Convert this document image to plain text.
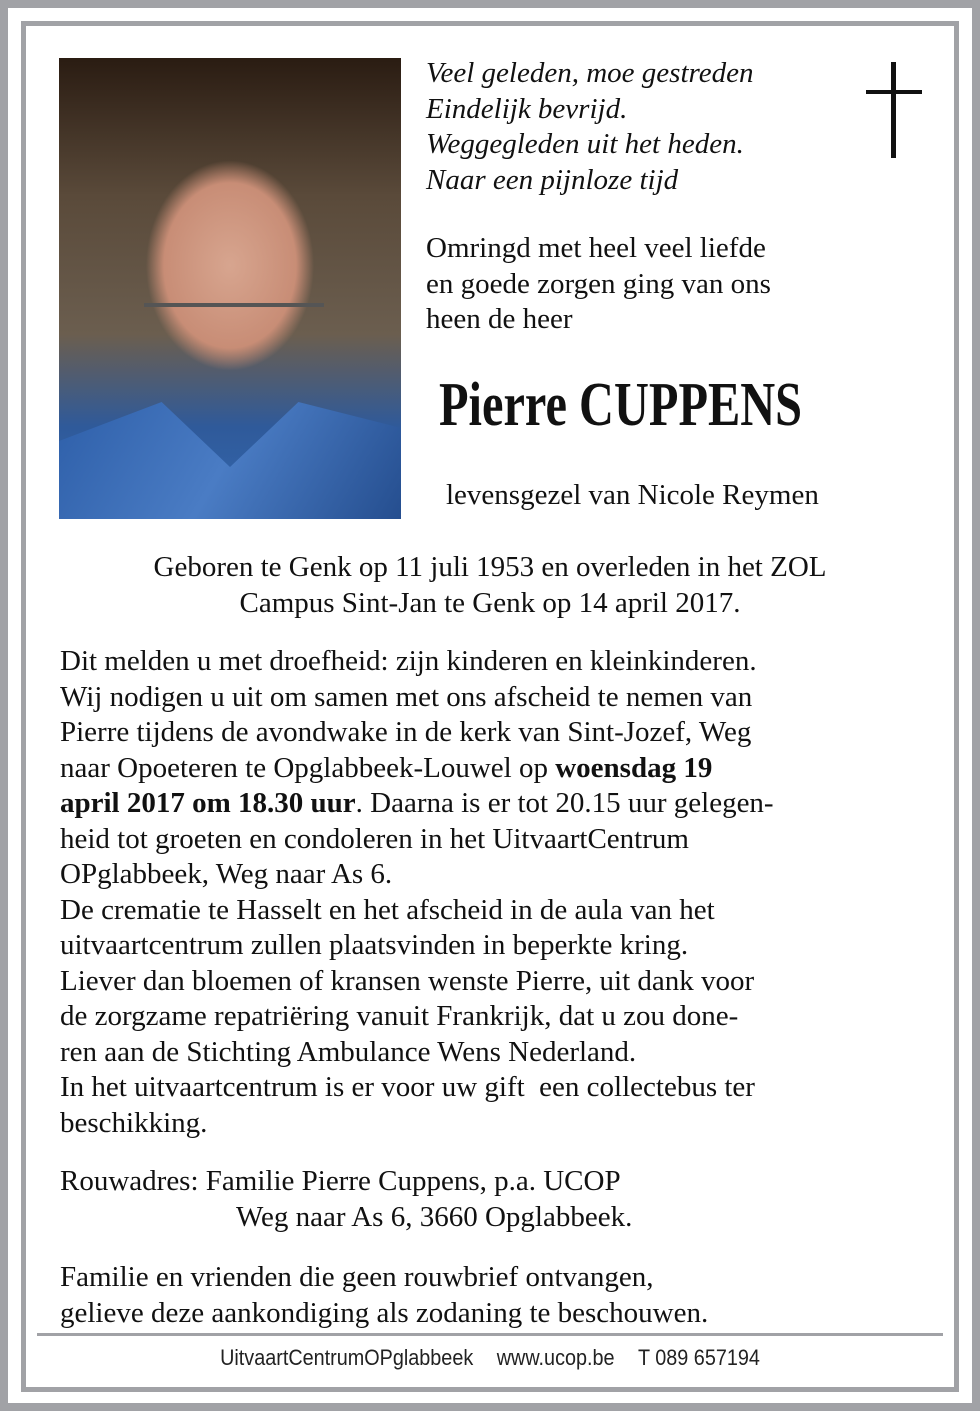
Veel geleden, moe gestreden
Eindelijk bevrijd.
Weggegleden uit het heden.
Naar een pijnloze tijd
Omringd met heel veel liefde
en goede zorgen ging van ons
heen de heer
Pierre CUPPENS
levensgezel van Nicole Reymen
Geboren te Genk op 11 juli 1953 en overleden in het ZOL
Campus Sint-Jan te Genk op 14 april 2017.
Dit melden u met droefheid: zijn kinderen en kleinkinderen.
Wij nodigen u uit om samen met ons afscheid te nemen van
Pierre tijdens de avondwake in de kerk van Sint-Jozef, Weg
naar Opoeteren te Opglabbeek-Louwel op woensdag 19
april 2017 om 18.30 uur. Daarna is er tot 20.15 uur gelegen-
heid tot groeten en condoleren in het UitvaartCentrum
OPglabbeek, Weg naar As 6.
De crematie te Hasselt en het afscheid in de aula van het
uitvaartcentrum zullen plaatsvinden in beperkte kring.
Liever dan bloemen of kransen wenste Pierre, uit dank voor
de zorgzame repatriëring vanuit Frankrijk, dat u zou done-
ren aan de Stichting Ambulance Wens Nederland.
In het uitvaartcentrum is er voor uw gift  een collectebus ter
beschikking.
Rouwadres: Familie Pierre Cuppens, p.a. UCOP
Weg naar As 6, 3660 Opglabbeek.
Familie en vrienden die geen rouwbrief ontvangen,
gelieve deze aankondiging als zodaning te beschouwen.
UitvaartCentrumOPglabbeek www.ucop.be T 089 657194
